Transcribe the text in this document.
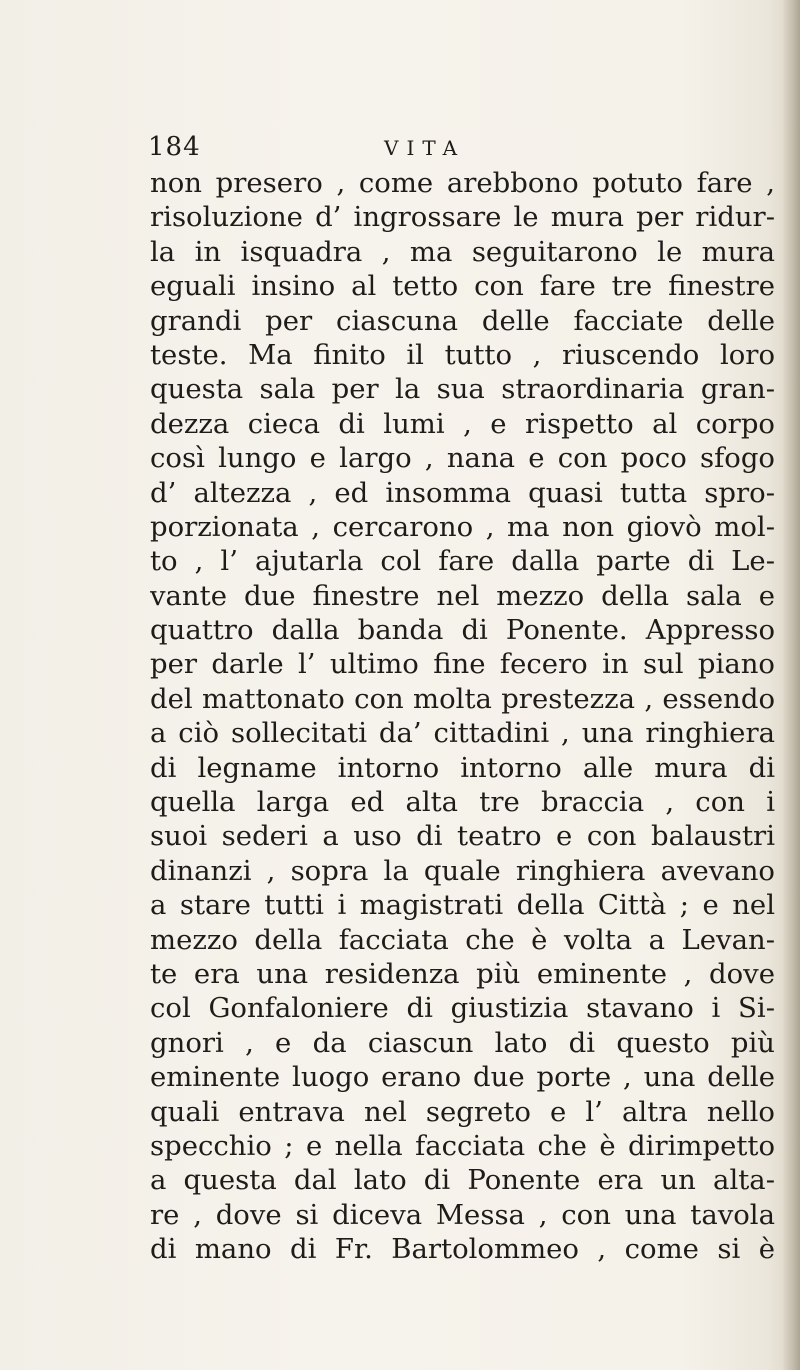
184	VITA
non presero , come arebbono potuto fare ,
risoluzione d’ ingrossare le mura per ridur-
la in isquadra , ma seguitarono le mura
eguali insino al tetto con fare tre finestre
grandi per ciascuna delle facciate delle
teste. Ma finito il tutto , riuscendo loro
questa sala per la sua straordinaria gran-
dezza cieca di lumi , e rispetto al corpo
così lungo e largo , nana e con poco sfogo
d’ altezza , ed insomma quasi tutta spro-
porzionata , cercarono , ma non giovò mol-
to , l’ ajutarla col fare dalla parte di Le-
vante due finestre nel mezzo della sala e
quattro dalla banda di Ponente. Appresso
per darle l’ ultimo fine fecero in sul piano
del mattonato con molta prestezza , essendo
a ciò sollecitati da’ cittadini , una ringhiera
di legname intorno intorno alle mura di
quella larga ed alta tre braccia , con i
suoi sederi a uso di teatro e con balaustri
dinanzi , sopra la quale ringhiera avevano
a stare tutti i magistrati della Città ; e nel
mezzo della facciata che è volta a Levan-
te era una residenza più eminente , dove
col Gonfaloniere di giustizia stavano i Si-
gnori , e da ciascun lato di questo più
eminente luogo erano due porte , una delle
quali entrava nel segreto e l’ altra nello
specchio ; e nella facciata che è dirimpetto
a questa dal lato di Ponente era un alta-
re , dove si diceva Messa , con una tavola
di mano di Fr. Bartolommeo , come si è
